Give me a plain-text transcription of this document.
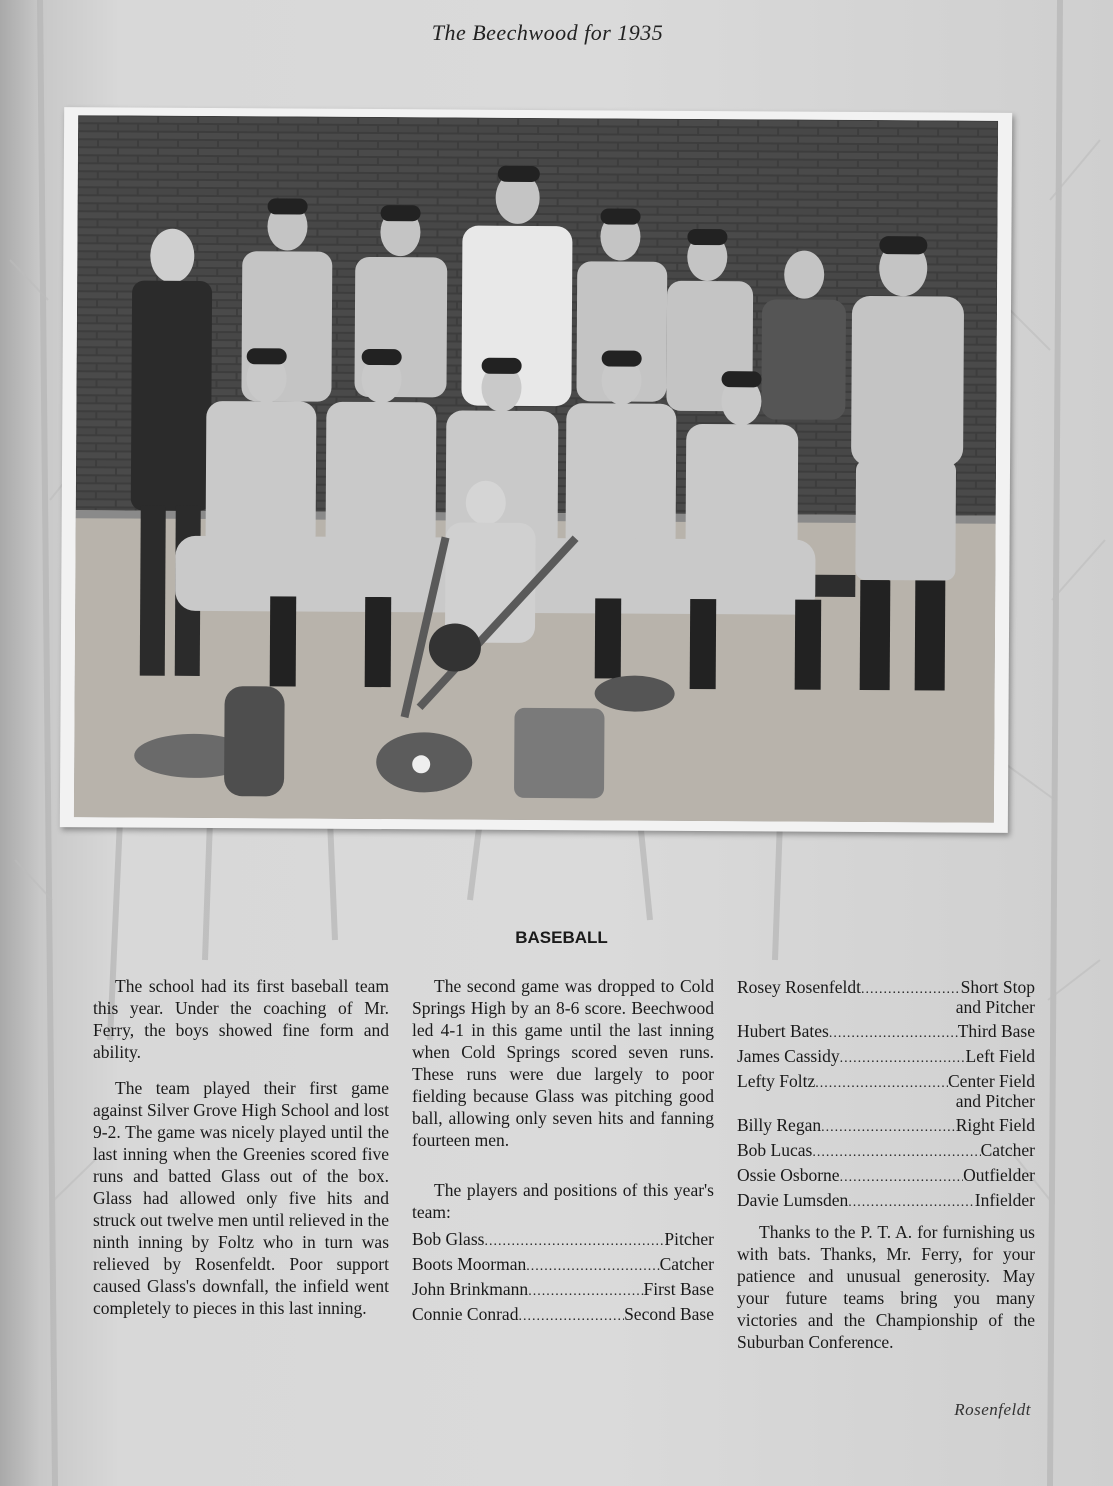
The Beechwood for 1935
BASEBALL

The school had its first baseball team this year. Under the coaching of Mr. Ferry, the boys showed fine form and ability.

The team played their first game against Silver Grove High School and lost 9-2. The game was nicely played until the last inning when the Greenies scored five runs and batted Glass out of the box. Glass had allowed only five hits and struck out twelve men until relieved in the ninth inning by Foltz who in turn was relieved by Rosenfeldt. Poor support caused Glass's downfall, the infield went completely to pieces in this last inning.

The second game was dropped to Cold Springs High by an 8-6 score. Beechwood led 4-1 in this game until the last inning when Cold Springs scored seven runs. These runs were due largely to poor fielding because Glass was pitching good ball, allowing only seven hits and fanning fourteen men.

The players and positions of this year's team:

Bob Glass .....	Pitcher
Boots Moorman .....	Catcher
John Brinkmann .....	First Base
Connie Conrad .....	Second Base
Rosey Rosenfeldt .....	Short Stop
and Pitcher
Hubert Bates .....	Third Base
James Cassidy .....	Left Field
Lefty Foltz .....	Center Field
and Pitcher
Billy Regan .....	Right Field
Bob Lucas .....	Catcher
Ossie Osborne .....	Outfielder
Davie Lumsden .....	Infielder

Thanks to the P. T. A. for furnishing us with bats. Thanks, Mr. Ferry, for your patience and unusual generosity. May your future teams bring you many victories and the Championship of the Suburban Conference.

Rosenfeldt
